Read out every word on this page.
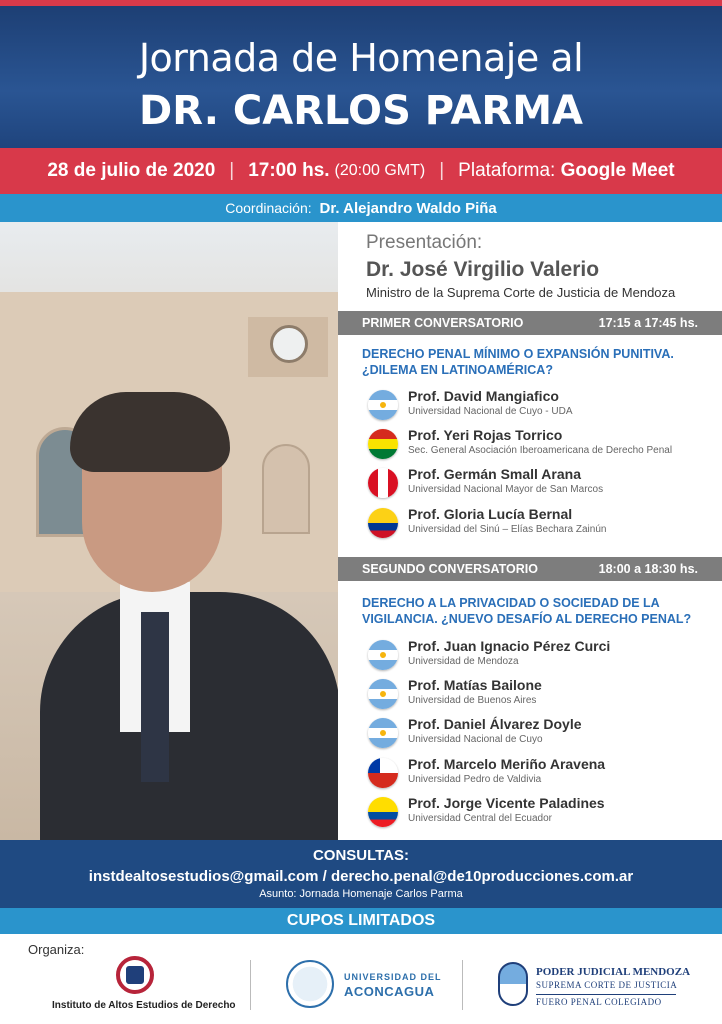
Jornada de Homenaje al
DR. CARLOS PARMA
28 de julio de 2020 | 17:00 hs. (20:00 GMT) | Plataforma:
Google Meet
Coordinación: Dr. Alejandro Waldo Piña
Presentación:
Dr. José Virgilio Valerio
Ministro de la Suprema Corte de Justicia de Mendoza
PRIMER CONVERSATORIO	17:15 a 17:45 hs.
DERECHO PENAL MÍNIMO O EXPANSIÓN PUNITIVA.
¿DILEMA EN LATINOAMÉRICA?
Prof. David Mangiafico
Universidad Nacional de Cuyo - UDA
Prof. Yeri Rojas Torrico
Sec. General Asociación Iberoamericana de Derecho Penal
Prof. Germán Small Arana
Universidad Nacional Mayor de San Marcos
Prof. Gloria Lucía Bernal
Universidad del Sinú – Elías Bechara Zainún
SEGUNDO CONVERSATORIO	18:00 a 18:30 hs.
DERECHO A LA PRIVACIDAD O SOCIEDAD DE LA
VIGILANCIA. ¿NUEVO DESAFÍO AL DERECHO PENAL?
Prof. Juan Ignacio Pérez Curci
Universidad de Mendoza
Prof. Matías Bailone
Universidad de Buenos Aires
Prof. Daniel Álvarez Doyle
Universidad Nacional de Cuyo
Prof. Marcelo Meriño Aravena
Universidad Pedro de Valdivia
Prof. Jorge Vicente Paladines
Universidad Central del Ecuador
CONSULTAS:
instdealtosestudios@gmail.com / derecho.penal@de10producciones.com.ar
Asunto: Jornada Homenaje Carlos Parma
CUPOS LIMITADOS
Organiza:
Instituto de Altos Estudios de Derecho
UNIVERSIDAD DEL
ACONCAGUA
PODER JUDICIAL MENDOZA
SUPREMA CORTE DE JUSTICIA
FUERO PENAL COLEGIADO
